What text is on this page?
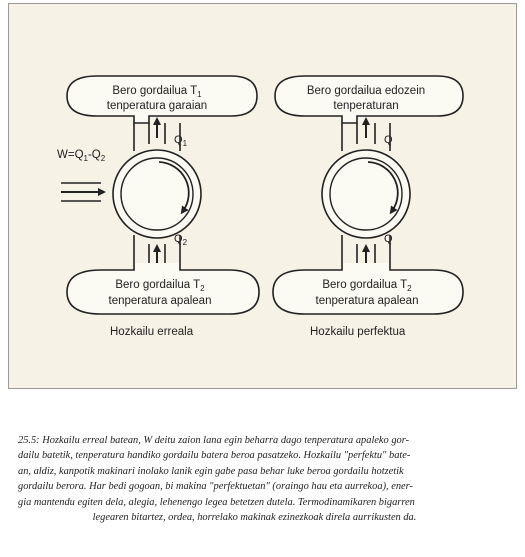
Bero gordailua $T_1$
tenperatura garaian
$Q_1$
$Q_2$
Bero gordailua $T_2$
tenperatura apalean
$W=Q_1-Q_2$
Hozkailu erreala
Bero gordailua edozein
tenperaturan
Q
Q
Bero gordailua $T_2$
tenperatura apalean
Hozkailu perfektua

25.5: Hozkailu erreal batean, W deitu zaion lana egin beharra dago tenperatura apaleko gor-
dailu batetik, tenperatura handiko gordailu batera beroa pasatzeko. Hozkailu "perfektu" bate-
an, aldiz, kanpotik makinari inolako lanik egin gabe pasa behar luke beroa gordailu hotzetik
gordailu berora. Har bedi gogoan, bi makina "perfektuetan" (oraingo hau eta aurrekoa), ener-
gia mantendu egiten dela, alegia, lehenengo legea betetzen dutela. Termodinamikaren bigarren
legearen bitartez, ordea, horrelako makinak ezinezkoak direla aurrikusten da.
